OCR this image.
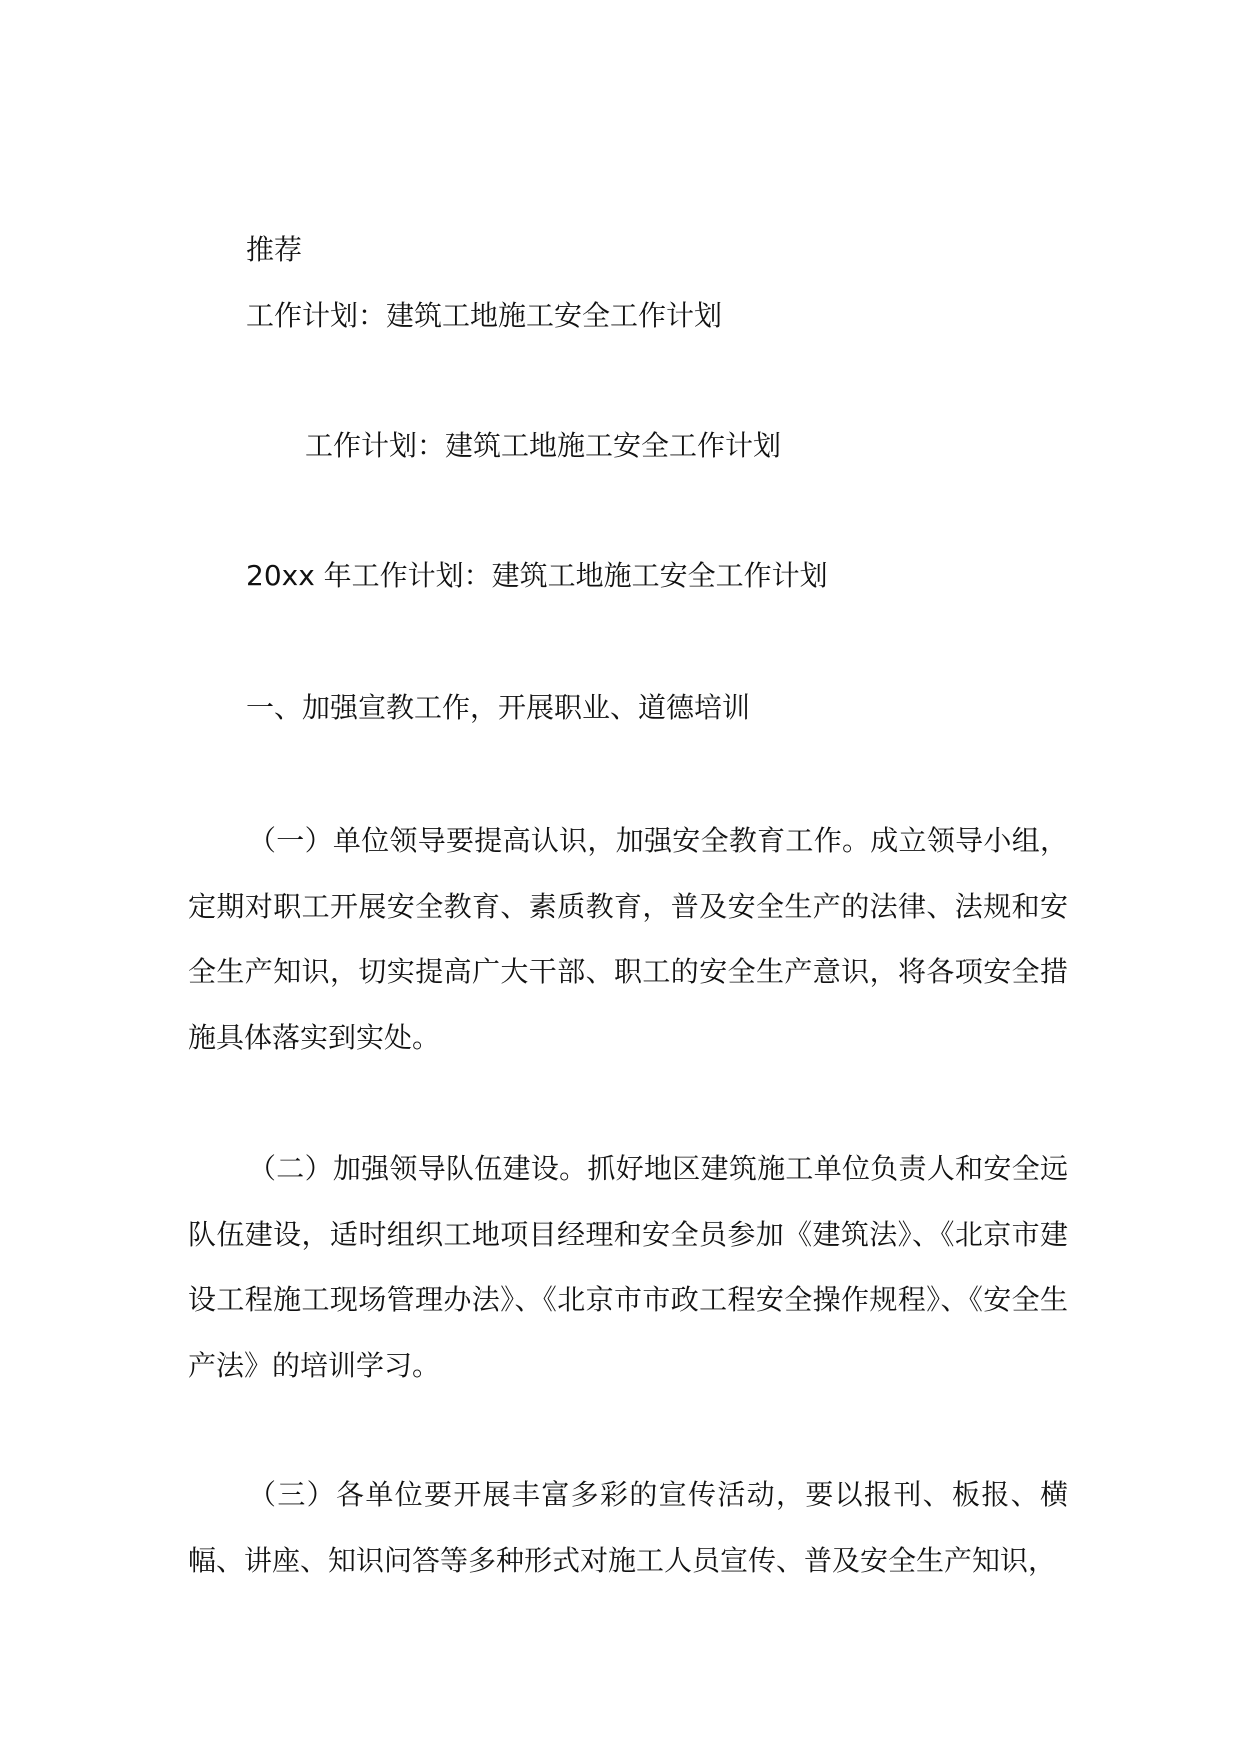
推荐

工作计划：建筑工地施工安全工作计划

工作计划：建筑工地施工安全工作计划

20xx 年工作计划：建筑工地施工安全工作计划

一、加强宣教工作，开展职业、道德培训

（一）单位领导要提高认识，加强安全教育工作。成立领导小组，定期对职工开展安全教育、素质教育，普及安全生产的法律、法规和安全生产知识，切实提高广大干部、职工的安全生产意识，将各项安全措施具体落实到实处。

（二）加强领导队伍建设。抓好地区建筑施工单位负责人和安全远队伍建设，适时组织工地项目经理和安全员参加《建筑法》、《北京市建设工程施工现场管理办法》、《北京市市政工程安全操作规程》、《安全生产法》的培训学习。

（三）各单位要开展丰富多彩的宣传活动，要以报刊、板报、横幅、讲座、知识问答等多种形式对施工人员宣传、普及安全生产知识，
